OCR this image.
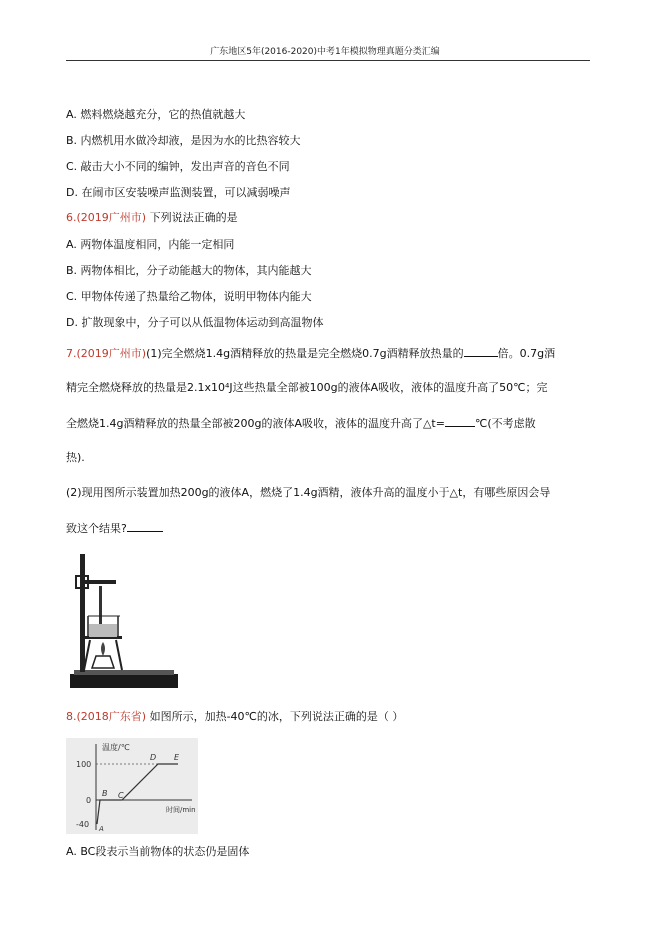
广东地区5年(2016-2020)中考1年模拟物理真题分类汇编
A. 燃料燃烧越充分，它的热值就越大
B. 内燃机用水做冷却液，是因为水的比热容较大
C. 敲击大小不同的编钟，发出声音的音色不同
D. 在闹市区安装噪声监测装置，可以减弱噪声
6.(2019广州市) 下列说法正确的是
A. 两物体温度相同，内能一定相同
B. 两物体相比，分子动能越大的物体，其内能越大
C. 甲物体传递了热量给乙物体，说明甲物体内能大
D. 扩散现象中，分子可以从低温物体运动到高温物体
7.(2019广州市)(1)完全燃烧1.4g酒精释放的热量是完全燃烧0.7g酒精释放热量的	倍。0.7g酒
精完全燃烧释放的热量是2.1x10⁴J这些热量全部被100g的液体A吸收，液体的温度升高了50℃；完
全燃烧1.4g酒精释放的热量全部被200g的液体A吸收，液体的温度升高了△t=	℃(不考虑散
热).
(2)现用图所示装置加热200g的液体A，燃烧了1.4g酒精，液体升高的温度小于△t，有哪些原因会导
致这个结果?
8.(2018广东省) 如图所示，加热-40℃的冰，下列说法正确的是（ ）
温度/℃
时间/min
100
0
-40 A
B C
D E
A. BC段表示当前物体的状态仍是固体
